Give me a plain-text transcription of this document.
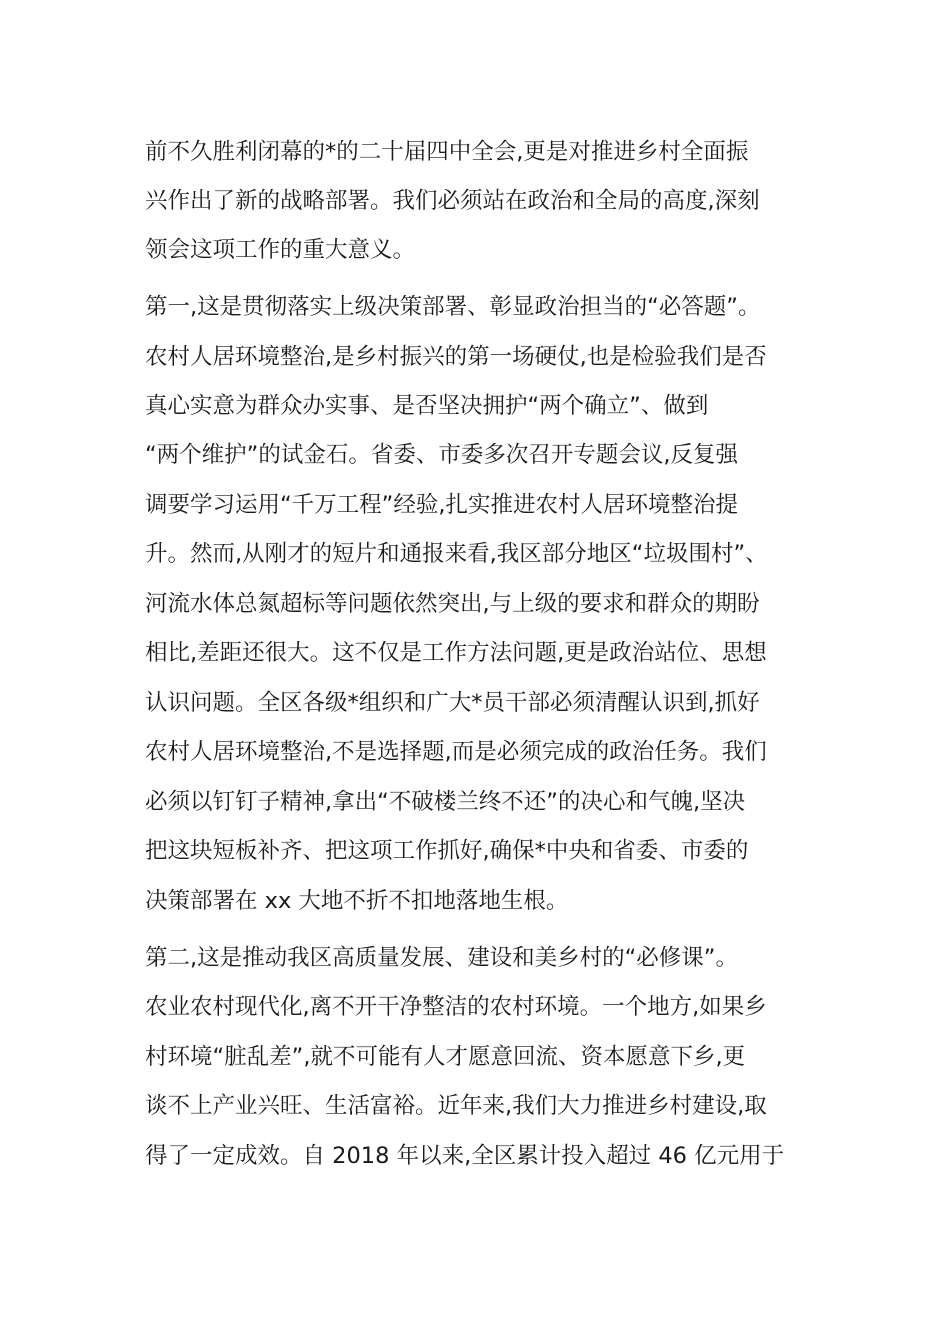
前不久胜利闭幕的*的二十届四中全会,更是对推进乡村全面振
兴作出了新的战略部署。我们必须站在政治和全局的高度,深刻
领会这项工作的重大意义。
第一,这是贯彻落实上级决策部署、彰显政治担当的“必答题”。
农村人居环境整治,是乡村振兴的第一场硬仗,也是检验我们是否
真心实意为群众办实事、是否坚决拥护“两个确立”、做到
“两个维护”的试金石。省委、市委多次召开专题会议,反复强
调要学习运用“千万工程”经验,扎实推进农村人居环境整治提
升。然而,从刚才的短片和通报来看,我区部分地区“垃圾围村”、
河流水体总氮超标等问题依然突出,与上级的要求和群众的期盼
相比,差距还很大。这不仅是工作方法问题,更是政治站位、思想
认识问题。全区各级*组织和广大*员干部必须清醒认识到,抓好
农村人居环境整治,不是选择题,而是必须完成的政治任务。我们
必须以钉钉子精神,拿出“不破楼兰终不还”的决心和气魄,坚决
把这块短板补齐、把这项工作抓好,确保*中央和省委、市委的
决策部署在 xx 大地不折不扣地落地生根。
第二,这是推动我区高质量发展、建设和美乡村的“必修课”。
农业农村现代化,离不开干净整洁的农村环境。一个地方,如果乡
村环境“脏乱差”,就不可能有人才愿意回流、资本愿意下乡,更
谈不上产业兴旺、生活富裕。近年来,我们大力推进乡村建设,取
得了一定成效。自 2018 年以来,全区累计投入超过 46 亿元用于
